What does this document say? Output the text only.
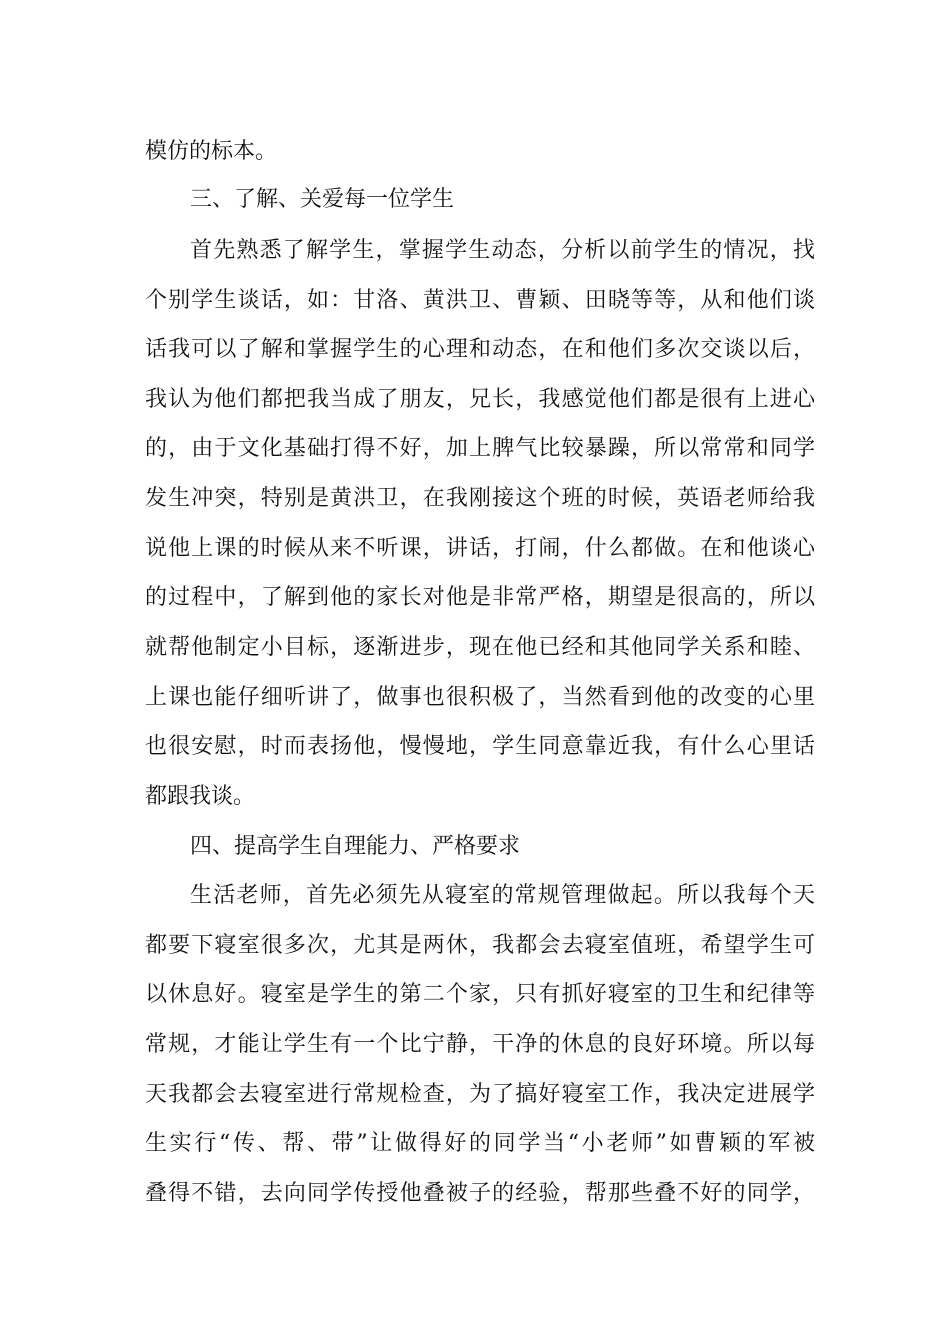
模仿的标本。
三、了解、关爱每一位学生
首先熟悉了解学生，掌握学生动态，分析以前学生的情况，找
个别学生谈话，如：甘洛、黄洪卫、曹颖、田晓等等，从和他们谈
话我可以了解和掌握学生的心理和动态，在和他们多次交谈以后，
我认为他们都把我当成了朋友，兄长，我感觉他们都是很有上进心
的，由于文化基础打得不好，加上脾气比较暴躁，所以常常和同学
发生冲突，特别是黄洪卫，在我刚接这个班的时候，英语老师给我
说他上课的时候从来不听课，讲话，打闹，什么都做。在和他谈心
的过程中，了解到他的家长对他是非常严格，期望是很高的，所以
就帮他制定小目标，逐渐进步，现在他已经和其他同学关系和睦、
上课也能仔细听讲了，做事也很积极了，当然看到他的改变的心里
也很安慰，时而表扬他，慢慢地，学生同意靠近我，有什么心里话
都跟我谈。
四、提高学生自理能力、严格要求
生活老师，首先必须先从寝室的常规管理做起。所以我每个天
都要下寝室很多次，尤其是两休，我都会去寝室值班，希望学生可
以休息好。寝室是学生的第二个家，只有抓好寝室的卫生和纪律等
常规，才能让学生有一个比宁静，干净的休息的良好环境。所以每
天我都会去寝室进行常规检查，为了搞好寝室工作，我决定进展学
生实行“传、帮、带”让做得好的同学当“小老师”如曹颖的军被
叠得不错，去向同学传授他叠被子的经验，帮那些叠不好的同学，
